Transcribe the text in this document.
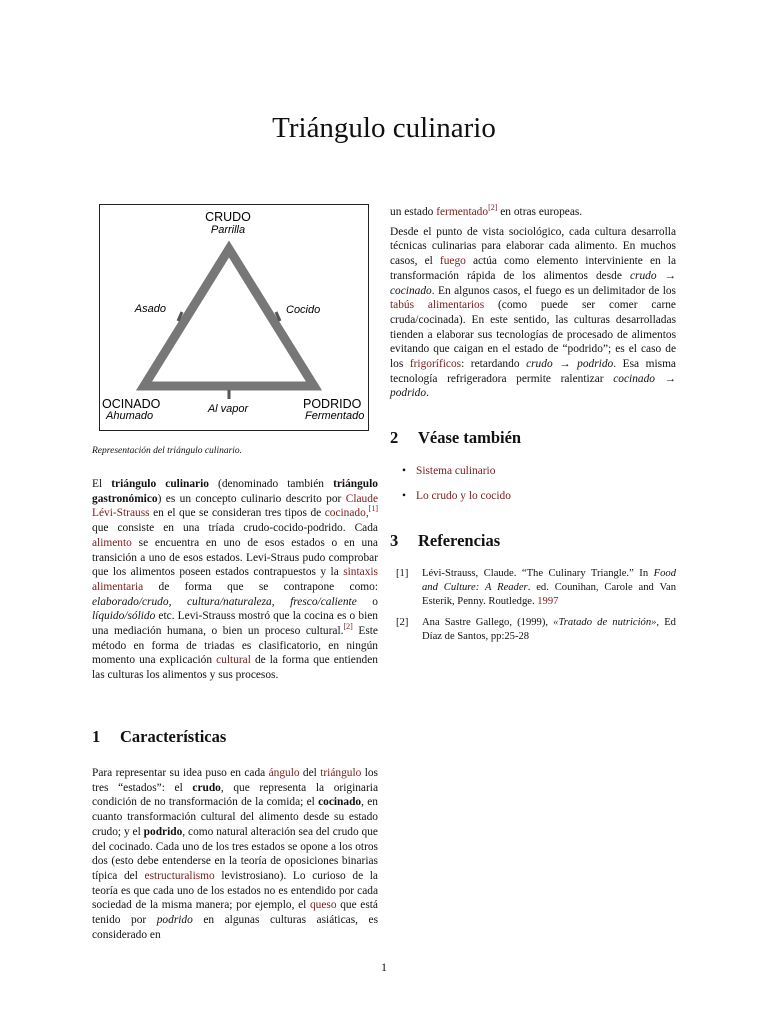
Triángulo culinario
CRUDO
Parrilla
Asado	Cocido
OCINADO
Ahumado
Al vapor	PODRIDO
Fermentado
Representación del triángulo culinario.

El triángulo culinario (denominado también triángulo gastronómico) es un concepto culinario descrito por Claude Lévi-Strauss en el que se consideran tres tipos de cocinado,[1] que consiste en una tríada crudo-cocido-podrido. Cada alimento se encuentra en uno de esos estados o en una transición a uno de esos estados. Levi-Straus pudo comprobar que los alimentos poseen estados contrapuestos y la sintaxis alimentaria de forma que se contrapone como: elaborado/crudo, cultura/naturaleza, fresco/caliente o líquido/sólido etc. Levi-Strauss mostró que la cocina es o bien una mediación humana, o bien un proceso cultural.[2] Este método en forma de triadas es clasificatorio, en ningún momento una explicación cultural de la forma que entienden las culturas los alimentos y sus procesos.

1 Características

Para representar su idea puso en cada ángulo del triángulo los tres “estados”: el crudo, que representa la originaria condición de no transformación de la comida; el cocinado, en cuanto transformación cultural del alimento desde su estado crudo; y el podrido, como natural alteración sea del crudo que del cocinado. Cada uno de los tres estados se opone a los otros dos (esto debe entenderse en la teoría de oposiciones binarias típica del estructuralismo levistrosiano). Lo curioso de la teoría es que cada uno de los estados no es entendido por cada sociedad de la misma manera; por ejemplo, el queso que está tenido por podrido en algunas culturas asiáticas, es considerado en

un estado fermentado[2] en otras europeas.

Desde el punto de vista sociológico, cada cultura desarrolla técnicas culinarias para elaborar cada alimento. En muchos casos, el fuego actúa como elemento interviniente en la transformación rápida de los alimentos desde crudo → cocinado. En algunos casos, el fuego es un delimitador de los tabús alimentarios (como puede ser comer carne cruda/cocinada). En este sentido, las culturas desarrolladas tienden a elaborar sus tecnologías de procesado de alimentos evitando que caigan en el estado de “podrido”; es el caso de los frigoríficos: retardando crudo → podrido. Esa misma tecnología refrigeradora permite ralentizar cocinado → podrido.

2 Véase también
• Sistema culinario
• Lo crudo y lo cocido
3 Referencias
[1]	Lévi-Strauss, Claude. “The Culinary Triangle.” In Food and Culture: A Reader. ed. Counihan, Carole and Van Esterik, Penny. Routledge. 1997
[2]	Ana Sastre Gallego, (1999), «Tratado de nutrición», Ed Díaz de Santos, pp:25-28
1
